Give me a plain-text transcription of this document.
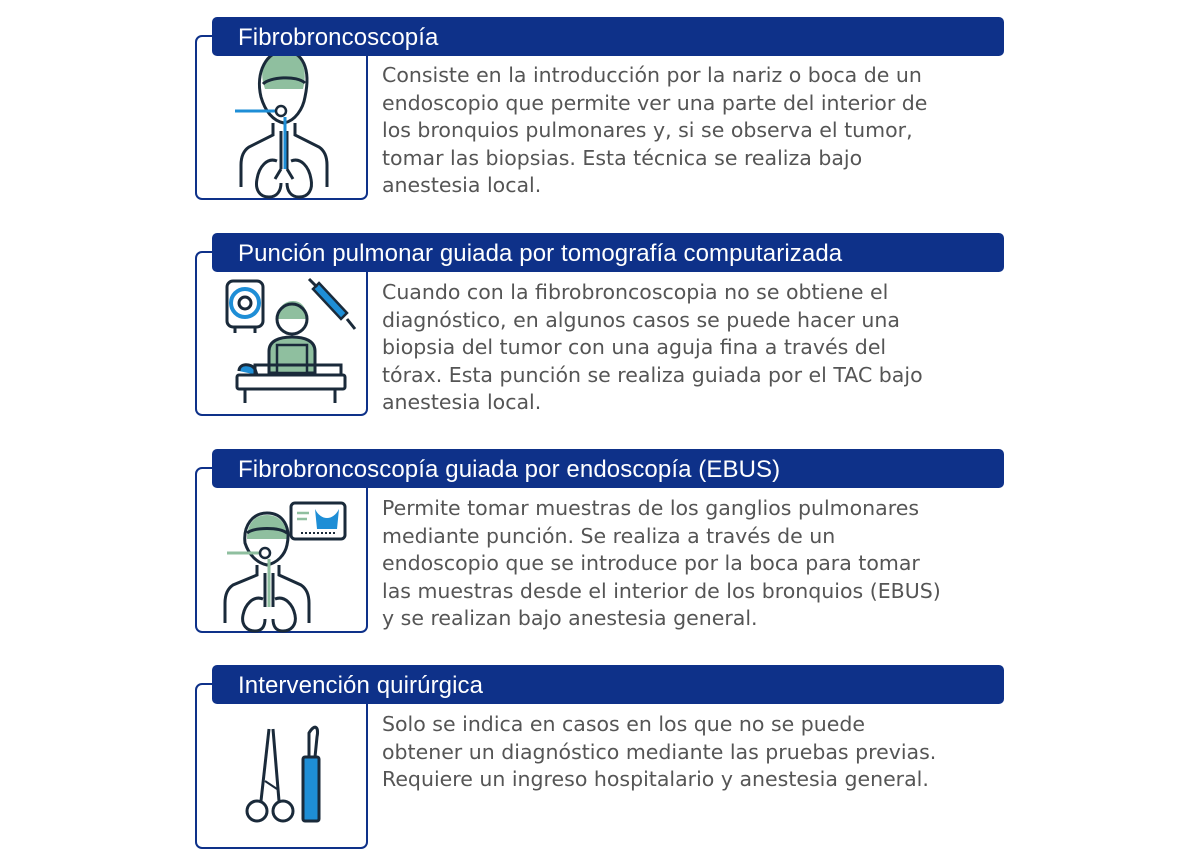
Fibrobroncoscopía

Consiste en la introducción por la nariz o boca de un
endoscopio que permite ver una parte del interior de
los bronquios pulmonares y, si se observa el tumor,
tomar las biopsias. Esta técnica se realiza bajo
anestesia local.

Punción pulmonar guiada por tomografía computarizada

Cuando con la fibrobroncoscopia no se obtiene el
diagnóstico, en algunos casos se puede hacer una
biopsia del tumor con una aguja fina a través del
tórax. Esta punción se realiza guiada por el TAC bajo
anestesia local.

Fibrobroncoscopía guiada por endoscopía (EBUS)

Permite tomar muestras de los ganglios pulmonares
mediante punción. Se realiza a través de un
endoscopio que se introduce por la boca para tomar
las muestras desde el interior de los bronquios (EBUS)
y se realizan bajo anestesia general.

Intervención quirúrgica

Solo se indica en casos en los que no se puede
obtener un diagnóstico mediante las pruebas previas.
Requiere un ingreso hospitalario y anestesia general.
